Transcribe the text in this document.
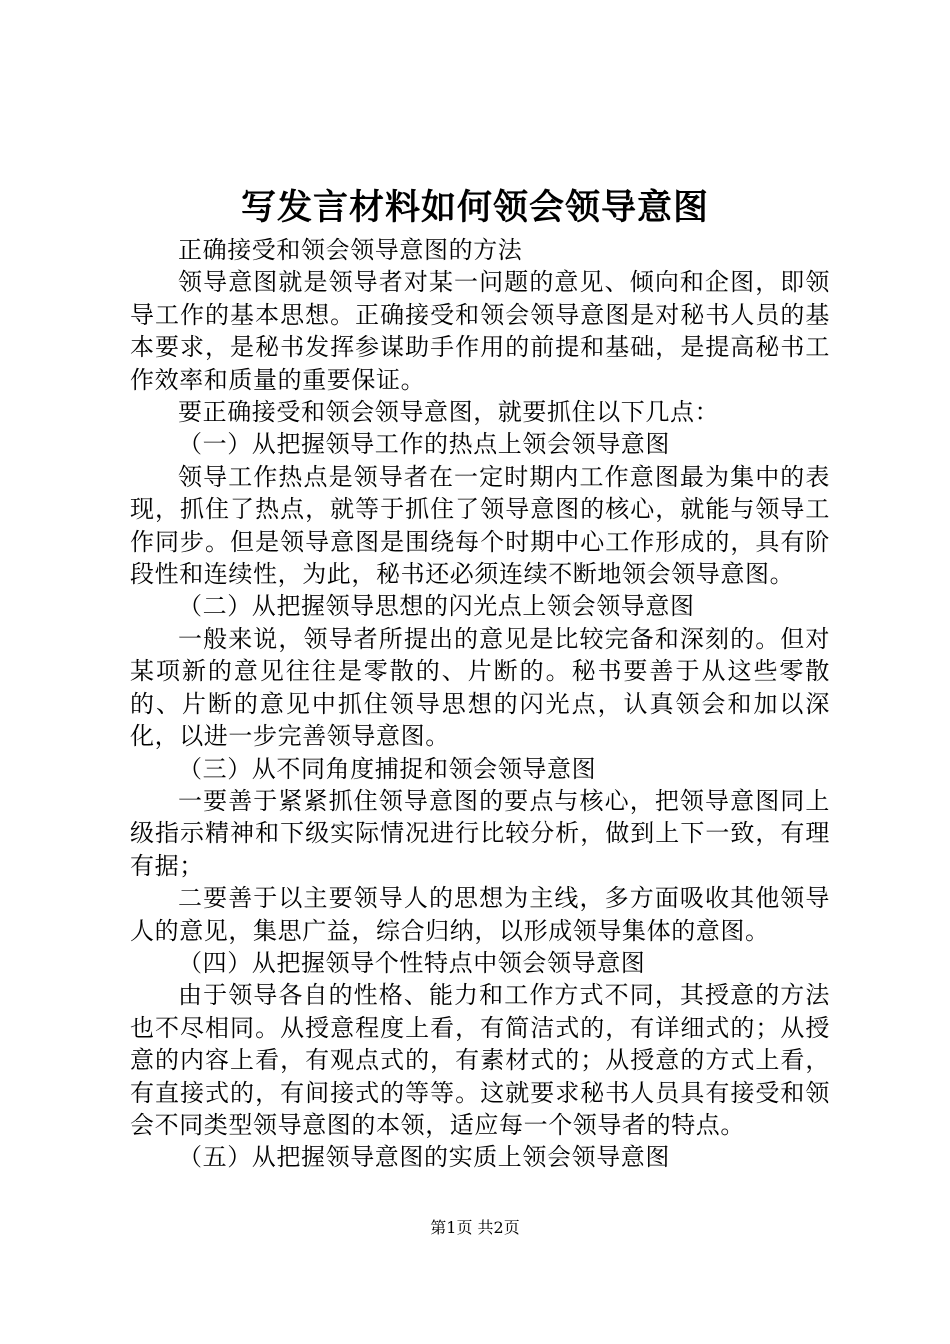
写发言材料如何领会领导意图

正确接受和领会领导意图的方法

领导意图就是领导者对某一问题的意见、倾向和企图，即领导工作的基本思想。正确接受和领会领导意图是对秘书人员的基本要求，是秘书发挥参谋助手作用的前提和基础，是提高秘书工作效率和质量的重要保证。

要正确接受和领会领导意图，就要抓住以下几点：

（一）从把握领导工作的热点上领会领导意图

领导工作热点是领导者在一定时期内工作意图最为集中的表现，抓住了热点，就等于抓住了领导意图的核心，就能与领导工作同步。但是领导意图是围绕每个时期中心工作形成的，具有阶段性和连续性，为此，秘书还必须连续不断地领会领导意图。

（二）从把握领导思想的闪光点上领会领导意图

一般来说，领导者所提出的意见是比较完备和深刻的。但对某项新的意见往往是零散的、片断的。秘书要善于从这些零散的、片断的意见中抓住领导思想的闪光点，认真领会和加以深化，以进一步完善领导意图。

（三）从不同角度捕捉和领会领导意图

一要善于紧紧抓住领导意图的要点与核心，把领导意图同上级指示精神和下级实际情况进行比较分析，做到上下一致，有理有据；

二要善于以主要领导人的思想为主线，多方面吸收其他领导人的意见，集思广益，综合归纳，以形成领导集体的意图。

（四）从把握领导个性特点中领会领导意图

由于领导各自的性格、能力和工作方式不同，其授意的方法也不尽相同。从授意程度上看，有简洁式的，有详细式的；从授意的内容上看，有观点式的，有素材式的；从授意的方式上看，有直接式的，有间接式的等等。这就要求秘书人员具有接受和领会不同类型领导意图的本领，适应每一个领导者的特点。

（五）从把握领导意图的实质上领会领导意图

第1页 共2页
